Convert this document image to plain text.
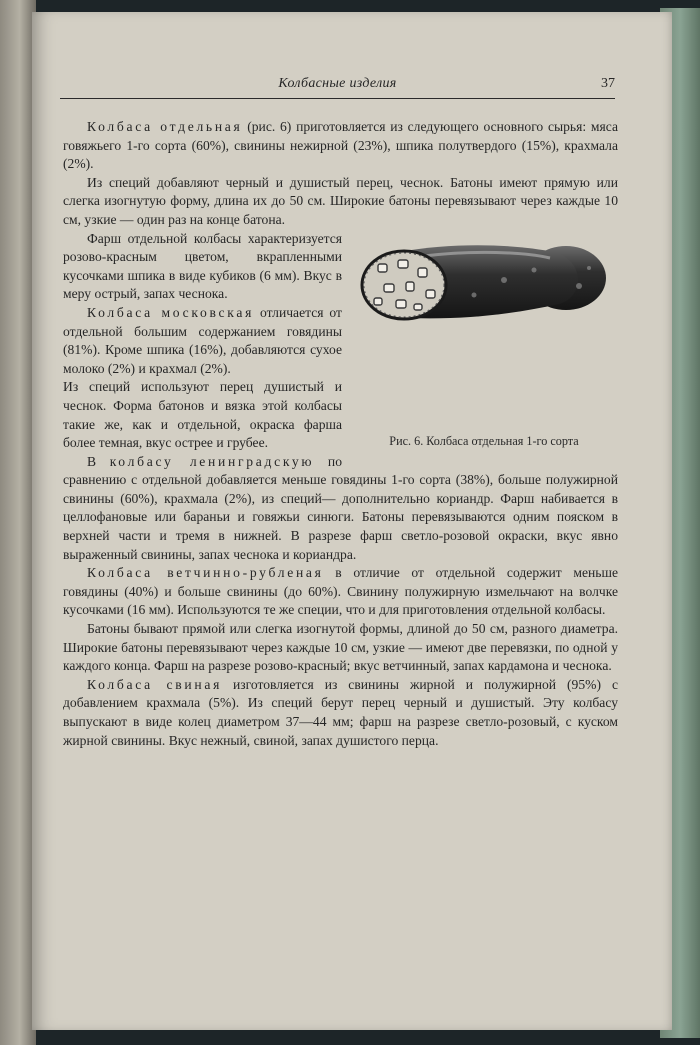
Колбасные изделия	37

Колбаса отдельная (рис. 6) приготовляется из следующего основного сырья: мяса говяжьего 1-го сорта (60%), свинины нежирной (23%), шпика полутвердого (15%), крахмала (2%).

Из специй добавляют черный и душистый перец, чеснок. Батоны имеют прямую или слегка изогнутую форму, длина их до 50 см. Широкие батоны перевязывают через каждые 10 см, узкие — один раз на конце батона.

Рис. 6. Колбаса отдельная 1-го сорта

Фарш отдельной колбасы характеризуется розово-красным цветом, вкрапленными кусочками шпика в виде кубиков (6 мм). Вкус в меру острый, запах чеснока.

Колбаса московская отличается от отдельной большим содержанием говядины (81%). Кроме шпика (16%), добавляются сухое молоко (2%) и крахмал (2%).

Из специй используют перец душистый и чеснок. Форма батонов и вязка этой колбасы такие же, как и отдельной, окраска фарша более темная, вкус острее и грубее.

В колбасу ленинградскую по сравнению с отдельной добавляется меньше говядины 1-го сорта (38%), больше полужирной свинины (60%), крахмала (2%), из специй— дополнительно кориандр. Фарш набивается в целлофановые или бараньи и говяжьи синюги. Батоны перевязываются одним пояском в верхней части и тремя в нижней. В разрезе фарш светло-розовой окраски, вкус явно выраженный свинины, запах чеснока и кориандра.

Колбаса ветчинно-рубленая в отличие от отдельной содержит меньше говядины (40%) и больше свинины (до 60%). Свинину полужирную измельчают на волчке кусочками (16 мм). Используются те же специи, что и для приготовления отдельной колбасы.

Батоны бывают прямой или слегка изогнутой формы, длиной до 50 см, разного диаметра. Широкие батоны перевязывают через каждые 10 см, узкие — имеют две перевязки, по одной у каждого конца. Фарш на разрезе розово-красный; вкус ветчинный, запах кардамона и чеснока.

Колбаса свиная изготовляется из свинины жирной и полужирной (95%) с добавлением крахмала (5%). Из специй берут перец черный и душистый. Эту колбасу выпускают в виде колец диаметром 37—44 мм; фарш на разрезе светло-розовый, с куском жирной свинины. Вкус нежный, свиной, запах душистого перца.
